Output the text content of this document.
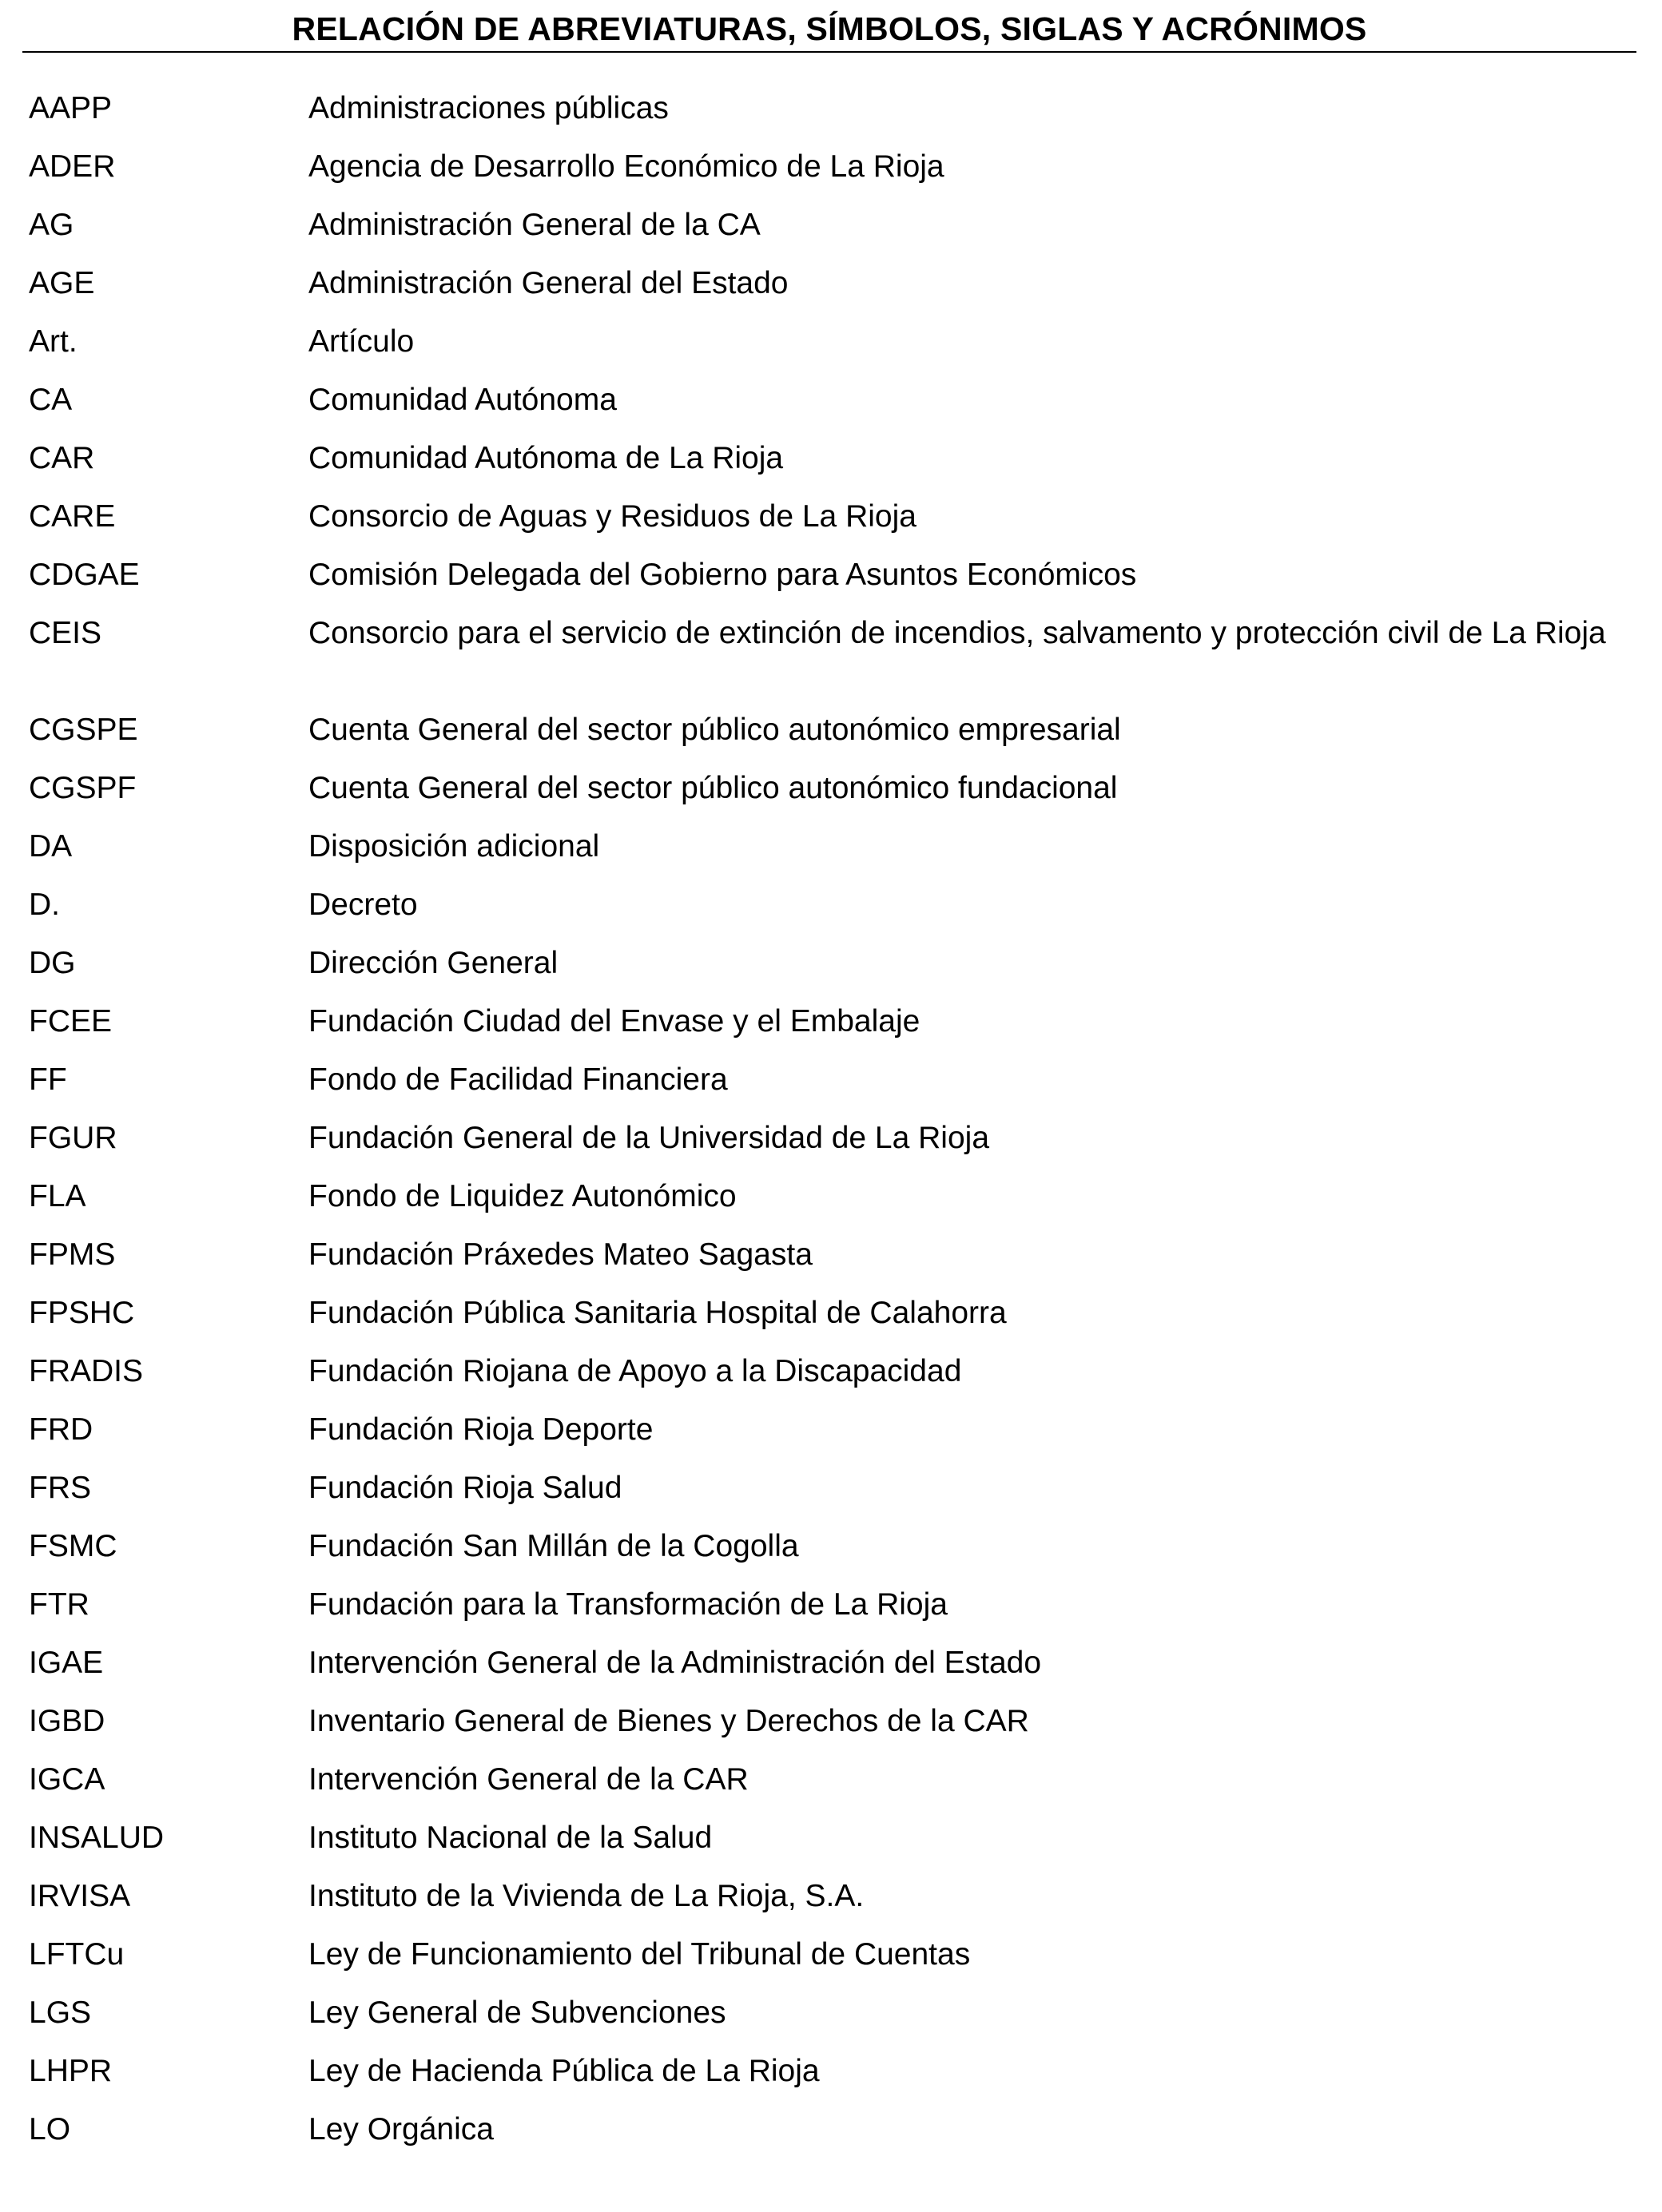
RELACIÓN DE ABREVIATURAS, SÍMBOLOS, SIGLAS Y ACRÓNIMOS
AAPP	Administraciones públicas
ADER	Agencia de Desarrollo Económico de La Rioja
AG	Administración General de la CA
AGE	Administración General del Estado
Art.	Artículo
CA	Comunidad Autónoma
CAR	Comunidad Autónoma de La Rioja
CARE	Consorcio de Aguas y Residuos de La Rioja
CDGAE	Comisión Delegada del Gobierno para Asuntos Económicos
CEIS	Consorcio para el servicio de extinción de incendios, salvamento y protección civil de La Rioja
CGSPE	Cuenta General del sector público autonómico empresarial
CGSPF	Cuenta General del sector público autonómico fundacional
DA	Disposición adicional
D.	Decreto
DG	Dirección General
FCEE	Fundación Ciudad del Envase y el Embalaje
FF	Fondo de Facilidad Financiera
FGUR	Fundación General de la Universidad de La Rioja
FLA	Fondo de Liquidez Autonómico
FPMS	Fundación Práxedes Mateo Sagasta
FPSHC	Fundación Pública Sanitaria Hospital de Calahorra
FRADIS	Fundación Riojana de Apoyo a la Discapacidad
FRD	Fundación Rioja Deporte
FRS	Fundación Rioja Salud
FSMC	Fundación San Millán de la Cogolla
FTR	Fundación para la Transformación de La Rioja
IGAE	Intervención General de la Administración del Estado
IGBD	Inventario General de Bienes y Derechos de la CAR
IGCA	Intervención General de la CAR
INSALUD	Instituto Nacional de la Salud
IRVISA	Instituto de la Vivienda de La Rioja, S.A.
LFTCu	Ley de Funcionamiento del Tribunal de Cuentas
LGS	Ley General de Subvenciones
LHPR	Ley de Hacienda Pública de La Rioja
LO	Ley Orgánica
